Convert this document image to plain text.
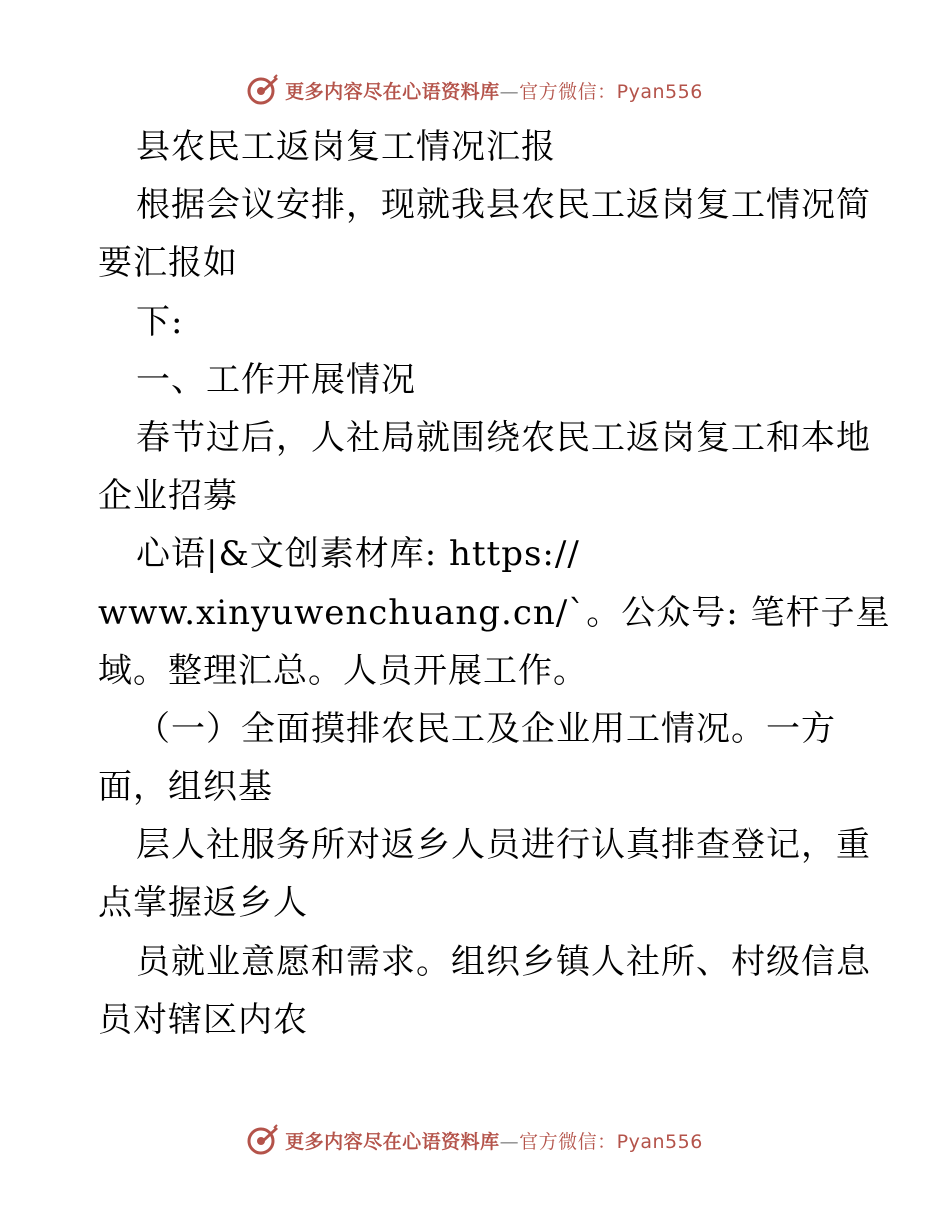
更多内容尽在心语资料库—官方微信：Pyan556
县农民工返岗复工情况汇报
根据会议安排，现就我县农民工返岗复工情况简
要汇报如
下:
一、工作开展情况
春节过后，人社局就围绕农民工返岗复工和本地
企业招募
心语|&文创素材库: https://
www.xinyuwenchuang.cn/`。公众号: 笔杆子星
域。整理汇总。人员开展工作。
（一）全面摸排农民工及企业用工情况。一方
面，组织基
层人社服务所对返乡人员进行认真排查登记，重
点掌握返乡人
员就业意愿和需求。组织乡镇人社所、村级信息
员对辖区内农
更多内容尽在心语资料库—官方微信：Pyan556
